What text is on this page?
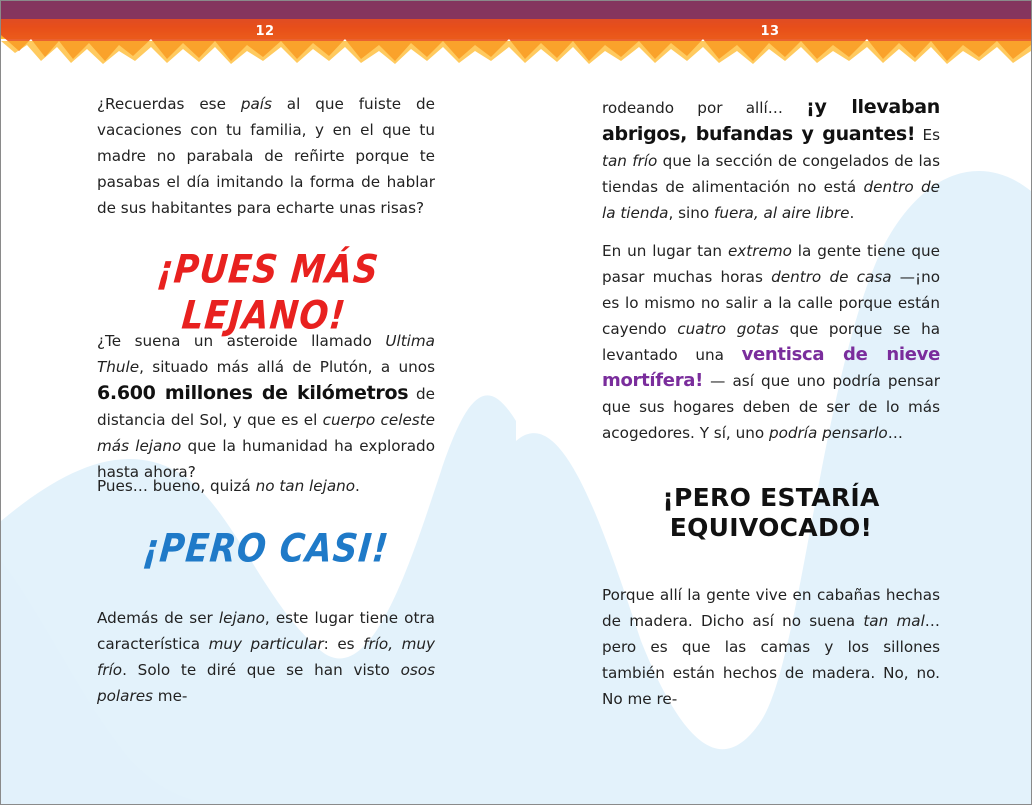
12	13

¿Recuerdas ese país al que fuiste de vacaciones con tu familia, y en el que tu madre no parabala de reñirte porque te pasabas el día imitando la forma de hablar de sus habitantes para echarte unas risas?

¡PUES MÁS LEJANO!

¿Te suena un asteroide llamado Ultima Thule, situado más allá de Plutón, a unos 6.600 millones de kilómetros de distancia del Sol, y que es el cuerpo celeste más lejano que la humanidad ha explorado hasta ahora?

Pues… bueno, quizá no tan lejano.

¡PERO CASI!

Además de ser lejano, este lugar tiene otra característica muy particular: es frío, muy frío. Solo te diré que se han visto osos polares me-

rodeando por allí… ¡y llevaban abrigos, bufandas y guantes! Es tan frío que la sección de congelados de las tiendas de alimentación no está dentro de la tienda, sino fuera, al aire libre.

En un lugar tan extremo la gente tiene que pasar muchas horas dentro de casa —¡no es lo mismo no salir a la calle porque están cayendo cuatro gotas que porque se ha levantado una ventisca de nieve mortífera! — así que uno podría pensar que sus hogares deben de ser de lo más acogedores. Y sí, uno podría pensarlo…

¡PERO ESTARÍA
EQUIVOCADO!

Porque allí la gente vive en cabañas hechas de madera. Dicho así no suena tan mal… pero es que las camas y los sillones también están hechos de madera. No, no. No me re-
